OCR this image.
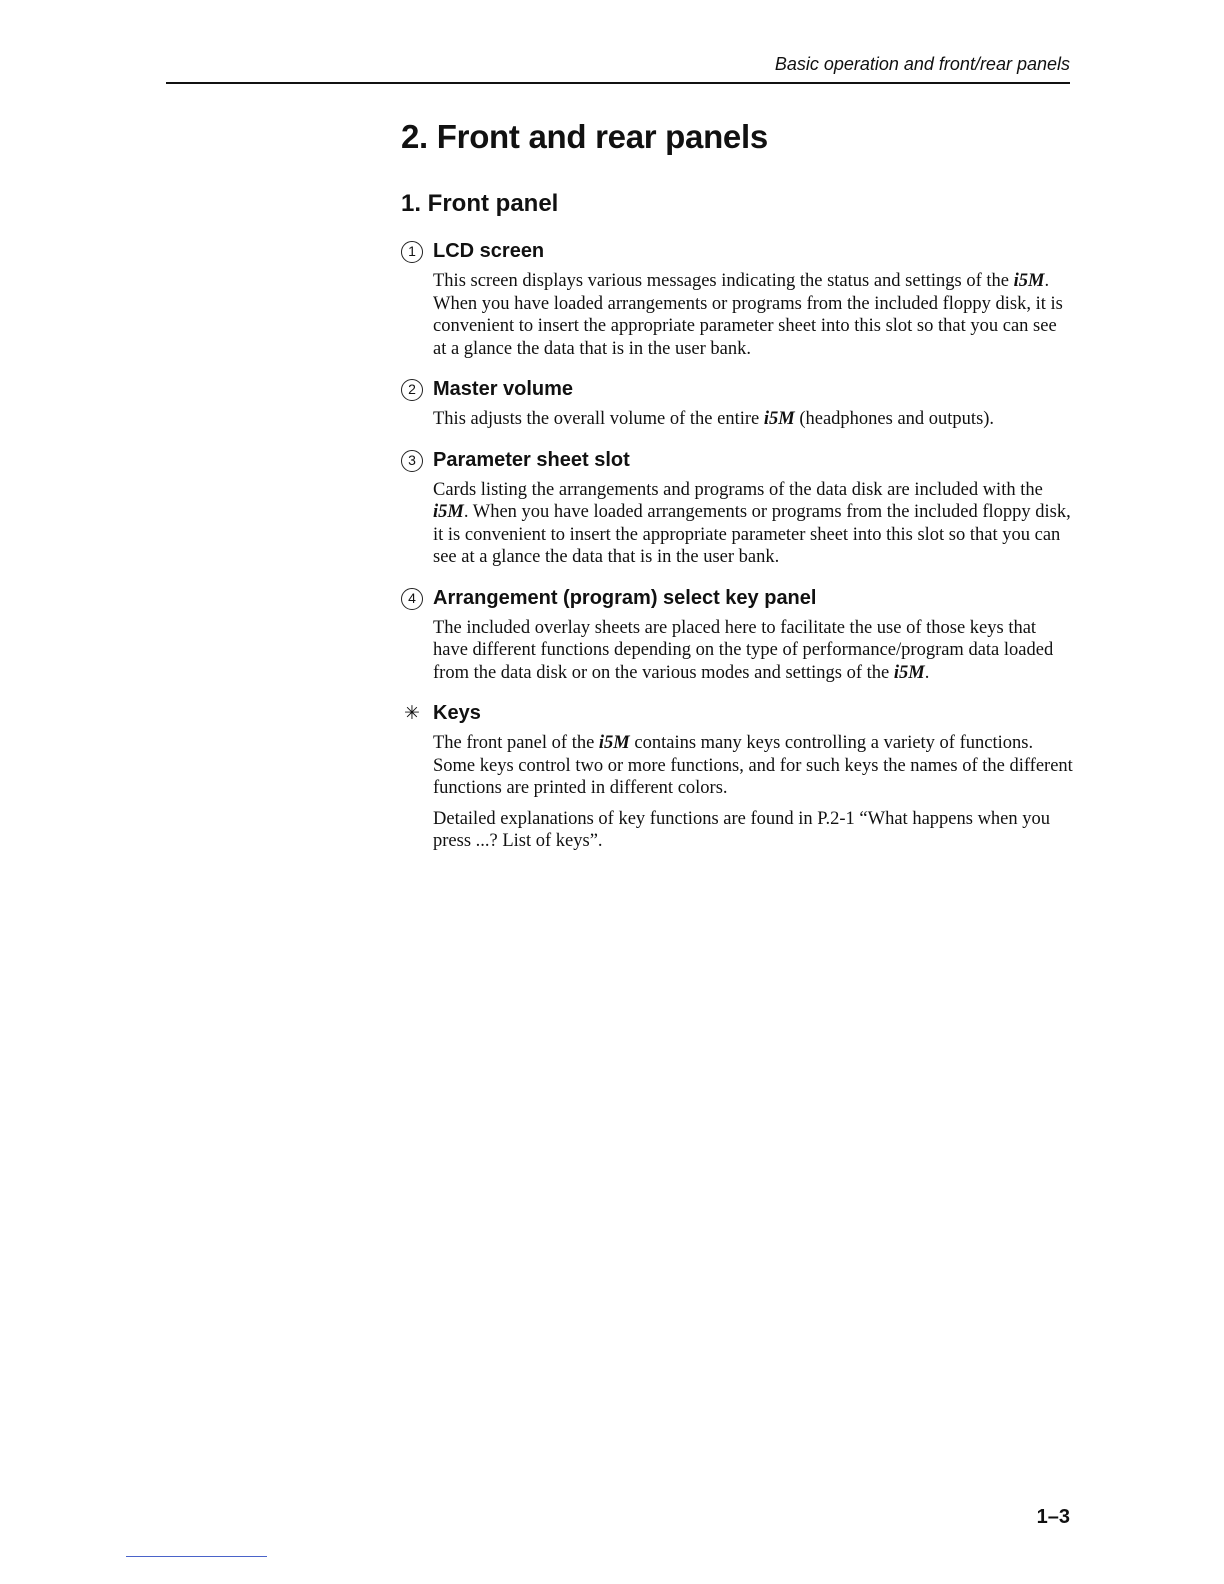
Basic operation and front/rear panels
2. Front and rear panels
1. Front panel
1 LCD screen

This screen displays various messages indicating the status and settings of the i5M. When you have loaded arrangements or programs from the included floppy disk, it is convenient to insert the appropriate parameter sheet into this slot so that you can see at a glance the data that is in the user bank.

2 Master volume

This adjusts the overall volume of the entire i5M (headphones and outputs).

3 Parameter sheet slot

Cards listing the arrangements and programs of the data disk are included with the i5M. When you have loaded arrangements or programs from the included floppy disk, it is convenient to insert the appropriate parameter sheet into this slot so that you can see at a glance the data that is in the user bank.

4 Arrangement (program) select key panel

The included overlay sheets are placed here to facilitate the use of those keys that have different functions depending on the type of performance/program data loaded from the data disk or on the various modes and settings of the i5M.

✳ Keys

The front panel of the i5M contains many keys controlling a variety of functions. Some keys control two or more functions, and for such keys the names of the different functions are printed in different colors.

Detailed explanations of key functions are found in P.2-1 “What happens when you press ...? List of keys”.

1–3
